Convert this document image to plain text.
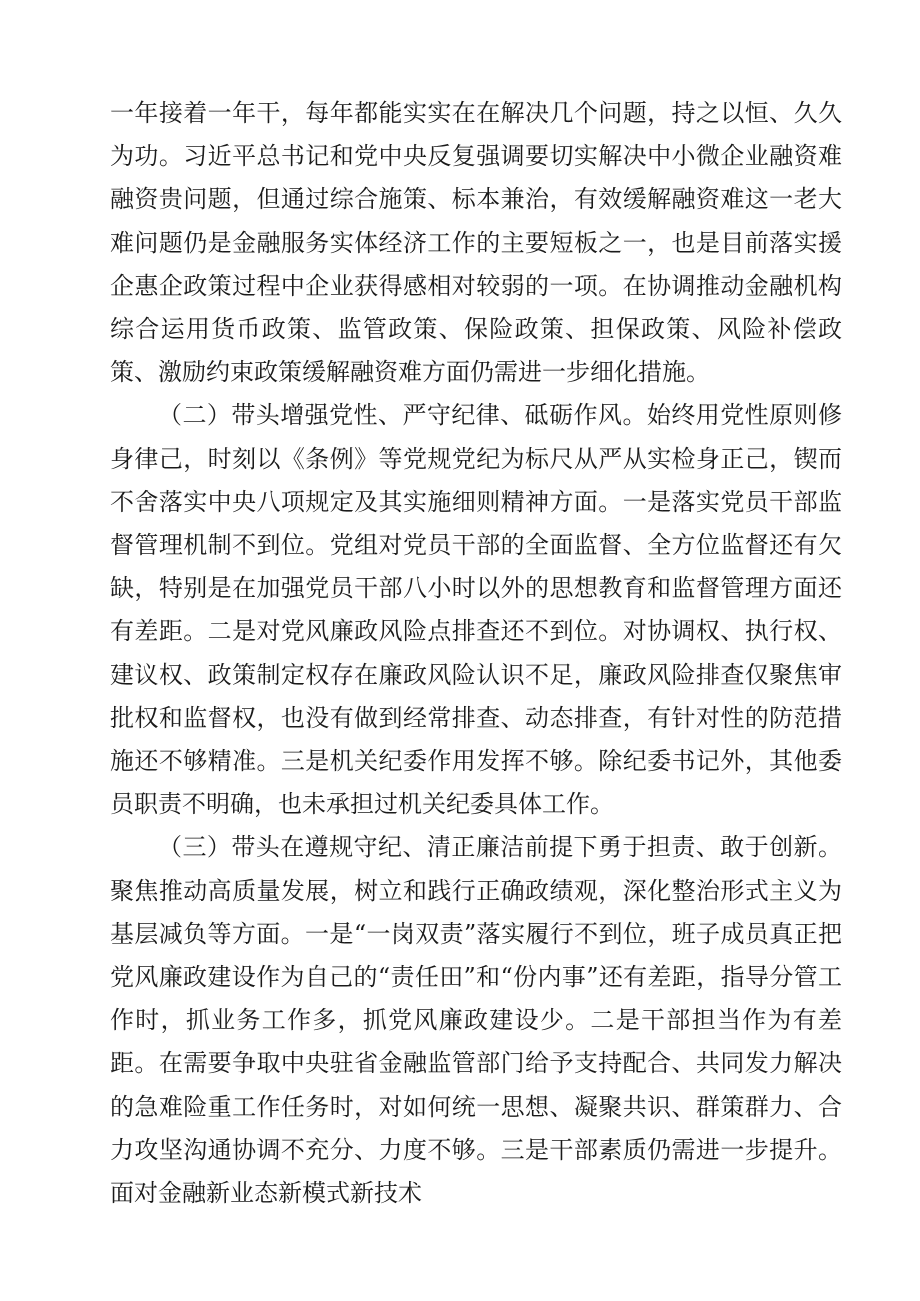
一年接着一年干，每年都能实实在在解决几个问题，持之以恒、久久为功。习近平总书记和党中央反复强调要切实解决中小微企业融资难融资贵问题，但通过综合施策、标本兼治，有效缓解融资难这一老大难问题仍是金融服务实体经济工作的主要短板之一，也是目前落实援企惠企政策过程中企业获得感相对较弱的一项。在协调推动金融机构综合运用货币政策、监管政策、保险政策、担保政策、风险补偿政策、激励约束政策缓解融资难方面仍需进一步细化措施。

（二）带头增强党性、严守纪律、砥砺作风。始终用党性原则修身律己，时刻以《条例》等党规党纪为标尺从严从实检身正己，锲而不舍落实中央八项规定及其实施细则精神方面。一是落实党员干部监督管理机制不到位。党组对党员干部的全面监督、全方位监督还有欠缺，特别是在加强党员干部八小时以外的思想教育和监督管理方面还有差距。二是对党风廉政风险点排查还不到位。对协调权、执行权、建议权、政策制定权存在廉政风险认识不足，廉政风险排查仅聚焦审批权和监督权，也没有做到经常排查、动态排查，有针对性的防范措施还不够精准。三是机关纪委作用发挥不够。除纪委书记外，其他委员职责不明确，也未承担过机关纪委具体工作。

（三）带头在遵规守纪、清正廉洁前提下勇于担责、敢于创新。聚焦推动高质量发展，树立和践行正确政绩观，深化整治形式主义为基层减负等方面。一是“一岗双责”落实履行不到位，班子成员真正把党风廉政建设作为自己的“责任田”和“份内事”还有差距，指导分管工作时，抓业务工作多，抓党风廉政建设少。二是干部担当作为有差距。在需要争取中央驻省金融监管部门给予支持配合、共同发力解决的急难险重工作任务时，对如何统一思想、凝聚共识、群策群力、合力攻坚沟通协调不充分、力度不够。三是干部素质仍需进一步提升。面对金融新业态新模式新技术
